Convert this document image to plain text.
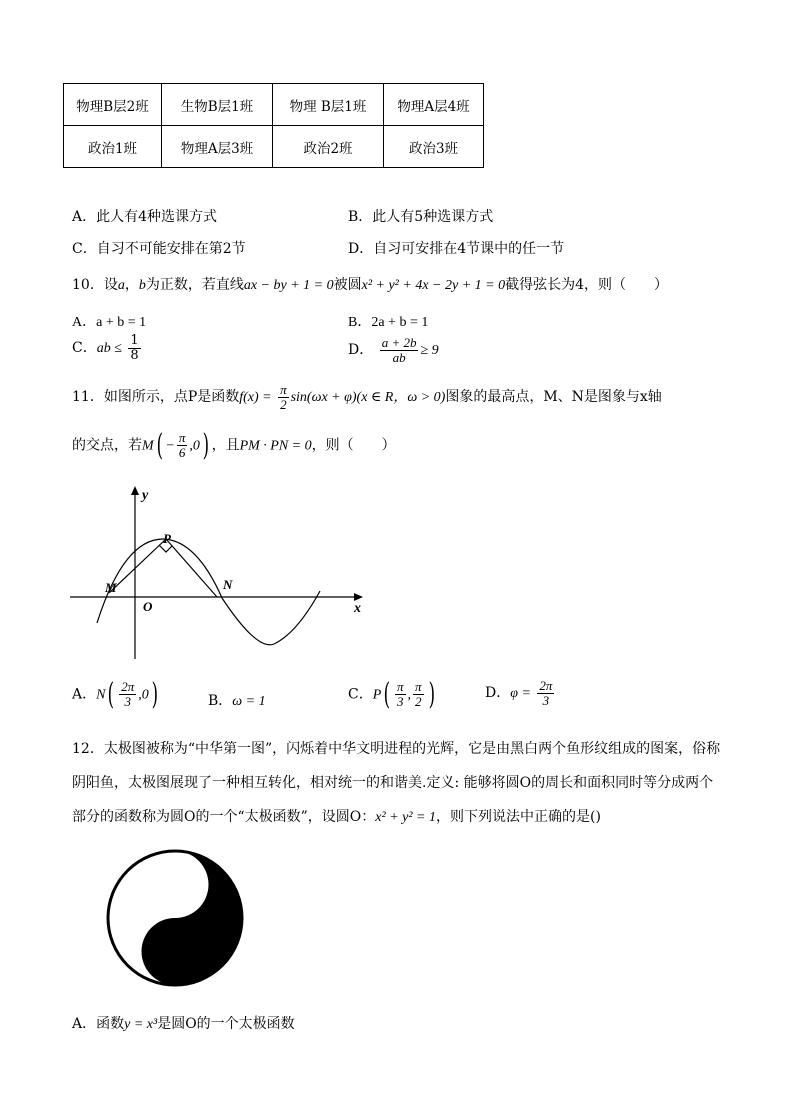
物理B层2班	生物B层1班	物理 B层1班	物理A层4班
政治1班	物理A层3班	政治2班	政治3班
A．此人有4种选课方式	B．此人有5种选课方式
C．自习不可能安排在第2节	D．自习可安排在4节课中的任一节
10．设a，b为正数，若直线ax − by + 1 = 0被圆x² + y² + 4x − 2y + 1 = 0截得弦长为4，则（　　）
A．a + b = 1	B．2a + b = 1
C．ab ≤ $\frac{1}{8}$	D． $\frac{a + 2b}{ab} \ge 9$
11．如图所示，点P是函数$f(x) = \frac{\pi}{2} \sin(\omega x + \varphi)(x$ ∈ R，ω > 0)图象的最高点，M、N是图象与x轴
的交点，若$M( - \frac{\pi}{6} ,0)$ ，且PM · PN = 0，则（　　）
y
x
P
M	N
O
A．$N( \frac{2\pi}{3} ,0)$	B．ω = 1	C．$P( \frac{\pi}{3}$ , $\frac{\pi}{2}$ )	D．$\varphi = \frac{2\pi}{3}$
12．太极图被称为“中华第一图”，闪烁着中华文明进程的光辉，它是由黑白两个鱼形纹组成的图案，俗称
阴阳鱼，太极图展现了一种相互转化，相对统一的和谐美.定义: 能够将圆O的周长和面积同时等分成两个
部分的函数称为圆O的一个“太极函数”，设圆O：x² + y² = 1，则下列说法中正确的是()
A．函数y = x³是圆O的一个太极函数
